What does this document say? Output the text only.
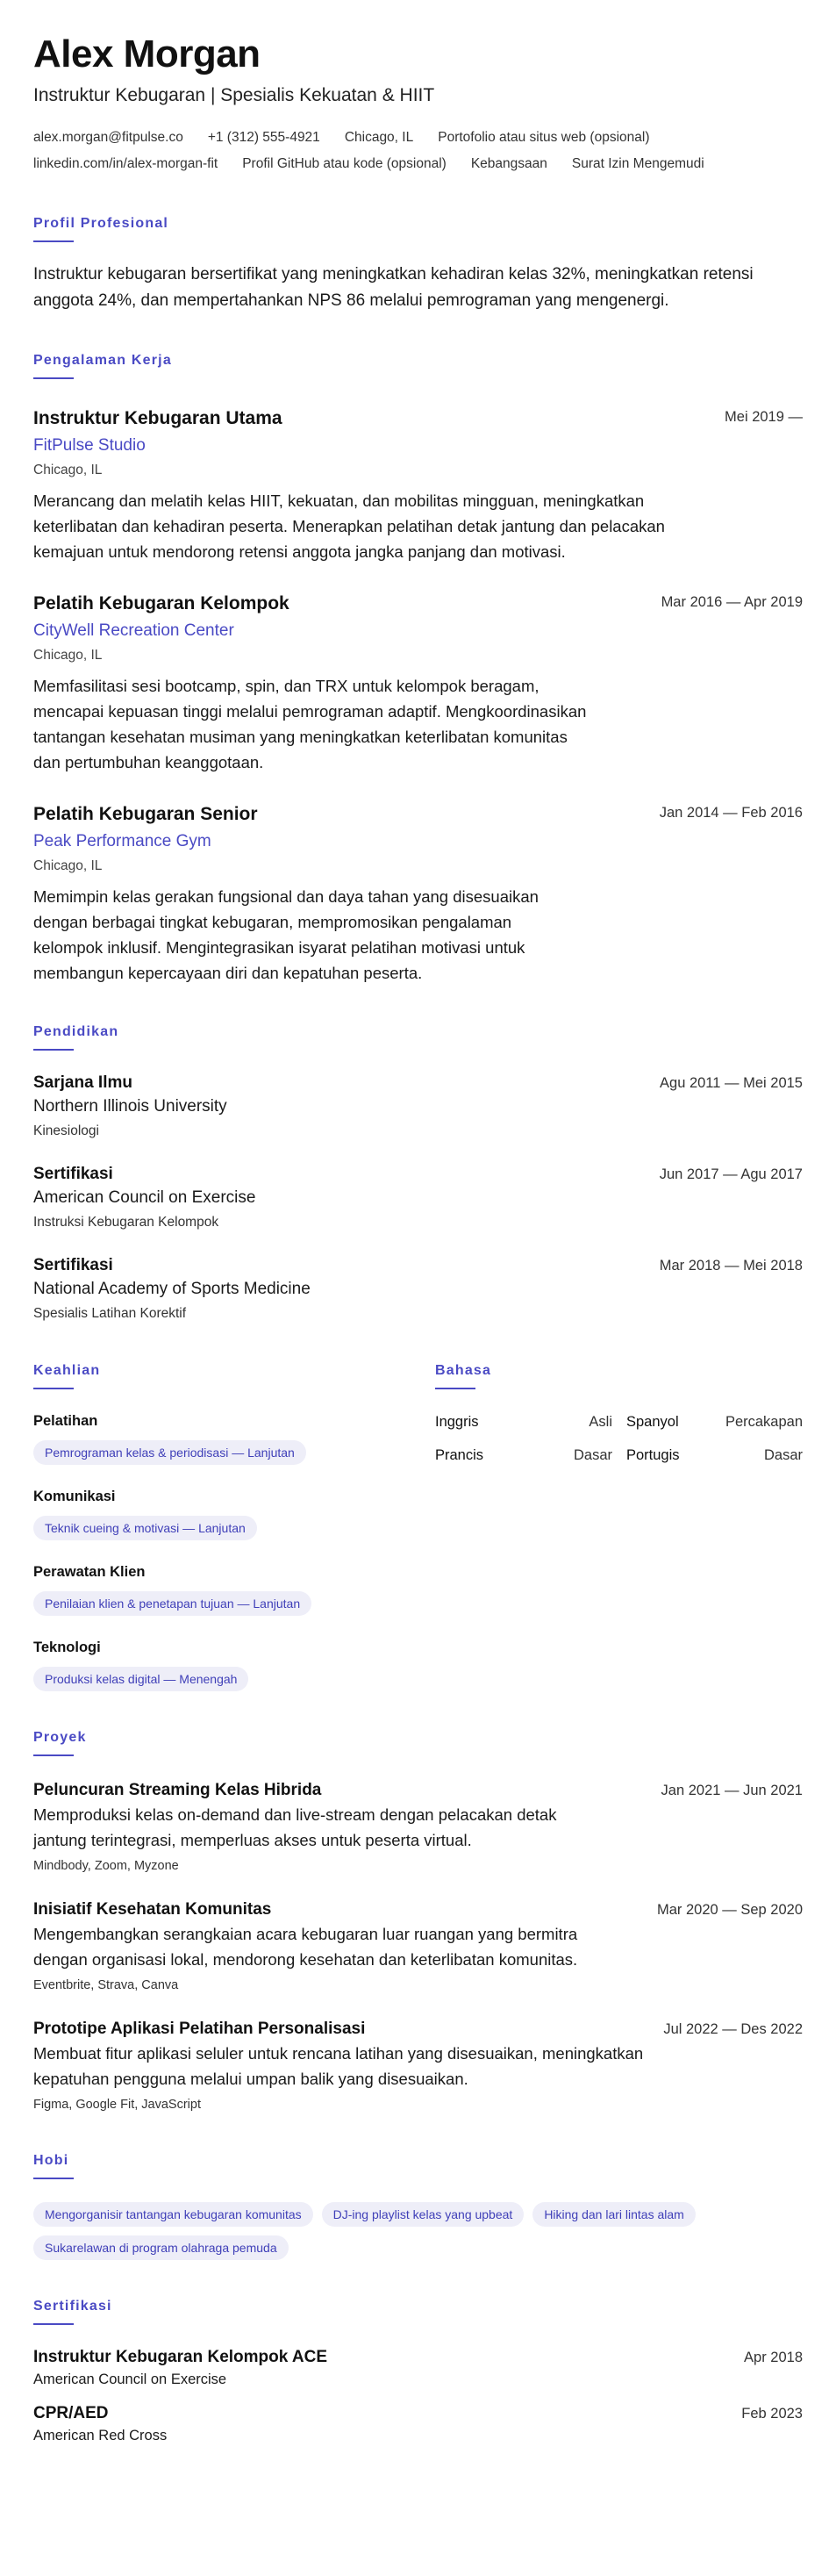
Alex Morgan
Instruktur Kebugaran | Spesialis Kekuatan & HIIT
alex.morgan@fitpulse.co +1 (312) 555-4921 Chicago, IL Portofolio atau situs web (opsional)
linkedin.com/in/alex-morgan-fit Profil GitHub atau kode (opsional) Kebangsaan Surat Izin Mengemudi
Profil Profesional

Instruktur kebugaran bersertifikat yang meningkatkan kehadiran kelas 32%, meningkatkan retensi anggota 24%, dan mempertahankan NPS 86 melalui pemrograman yang mengenergi.

Pengalaman Kerja
Instruktur Kebugaran Utama	Mei 2019 —
FitPulse Studio
Chicago, IL

Merancang dan melatih kelas HIIT, kekuatan, dan mobilitas mingguan, meningkatkan keterlibatan dan kehadiran peserta. Menerapkan pelatihan detak jantung dan pelacakan kemajuan untuk mendorong retensi anggota jangka panjang dan motivasi.

Pelatih Kebugaran Kelompok	Mar 2016 — Apr 2019
CityWell Recreation Center
Chicago, IL

Memfasilitasi sesi bootcamp, spin, dan TRX untuk kelompok beragam, mencapai kepuasan tinggi melalui pemrograman adaptif. Mengkoordinasikan tantangan kesehatan musiman yang meningkatkan keterlibatan komunitas dan pertumbuhan keanggotaan.

Pelatih Kebugaran Senior	Jan 2014 — Feb 2016
Peak Performance Gym
Chicago, IL

Memimpin kelas gerakan fungsional dan daya tahan yang disesuaikan dengan berbagai tingkat kebugaran, mempromosikan pengalaman kelompok inklusif. Mengintegrasikan isyarat pelatihan motivasi untuk membangun kepercayaan diri dan kepatuhan peserta.

Pendidikan
Sarjana Ilmu	Agu 2011 — Mei 2015
Northern Illinois University
Kinesiologi
Sertifikasi	Jun 2017 — Agu 2017
American Council on Exercise
Instruksi Kebugaran Kelompok
Sertifikasi	Mar 2018 — Mei 2018
National Academy of Sports Medicine
Spesialis Latihan Korektif
Keahlian
Pelatihan
Pemrograman kelas & periodisasi — Lanjutan
Komunikasi
Teknik cueing & motivasi — Lanjutan
Perawatan Klien
Penilaian klien & penetapan tujuan — Lanjutan
Teknologi
Produksi kelas digital — Menengah
Bahasa
Inggris	Asli Spanyol	Percakapan
Prancis	Dasar Portugis	Dasar
Proyek
Peluncuran Streaming Kelas Hibrida	Jan 2021 — Jun 2021

Memproduksi kelas on-demand dan live-stream dengan pelacakan detak jantung terintegrasi, memperluas akses untuk peserta virtual.

Mindbody, Zoom, Myzone
Inisiatif Kesehatan Komunitas	Mar 2020 — Sep 2020

Mengembangkan serangkaian acara kebugaran luar ruangan yang bermitra dengan organisasi lokal, mendorong kesehatan dan keterlibatan komunitas.

Eventbrite, Strava, Canva
Prototipe Aplikasi Pelatihan Personalisasi	Jul 2022 — Des 2022

Membuat fitur aplikasi seluler untuk rencana latihan yang disesuaikan, meningkatkan kepatuhan pengguna melalui umpan balik yang disesuaikan.

Figma, Google Fit, JavaScript
Hobi
Mengorganisir tantangan kebugaran komunitas	DJ-ing playlist kelas yang upbeat	Hiking dan lari lintas alam
Sukarelawan di program olahraga pemuda
Sertifikasi
Instruktur Kebugaran Kelompok ACE	Apr 2018
American Council on Exercise
CPR/AED	Feb 2023
American Red Cross
